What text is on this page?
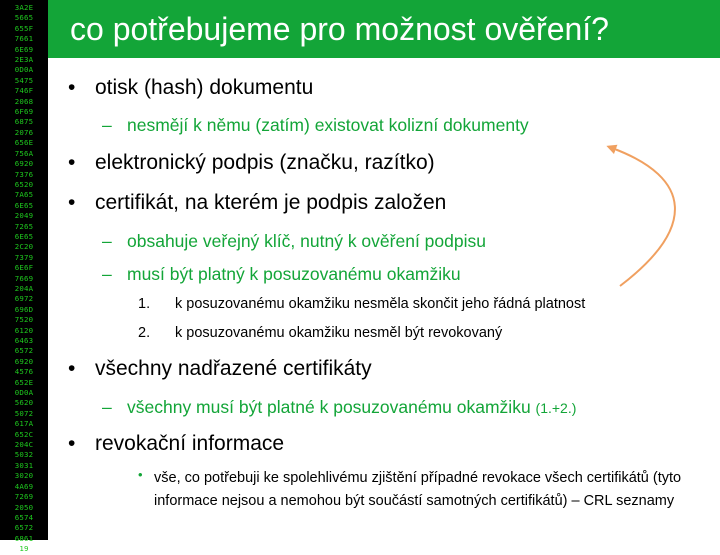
3A2E
5665
655F
7661
6E69
2E3A
0D0A
5475
746F
2068
6F69
6875
2076
656E
756A
6920
7376
6520
7A65
6E65
2049
7265
6E65
2C20
7379
6E6F
7669
204A
6972
696D
7520
6120
6463
6572
6920
4576
652E
0D0A
5620
5072
617A
652C
204C
5032
3031
3020
4A69
7269
2050
6574
6572
6861
19
co potřebujeme pro možnost ověření?
• otisk (hash) dokumentu
– nesmějí k němu (zatím) existovat kolizní dokumenty
• elektronický podpis (značku, razítko)
• certifikát, na kterém je podpis založen
– obsahuje veřejný klíč, nutný k ověření podpisu
– musí být platný k posuzovanému okamžiku
1. k posuzovanému okamžiku nesměla skončit jeho řádná platnost
2. k posuzovanému okamžiku nesměl být revokovaný
• všechny nadřazené certifikáty
– všechny musí být platné k posuzovanému okamžiku (1.+2.)
• revokační informace
• vše, co potřebuji ke spolehlivému zjištění případné revokace všech certifikátů (tyto informace nejsou a nemohou být součástí samotných certifikátů) – CRL seznamy
